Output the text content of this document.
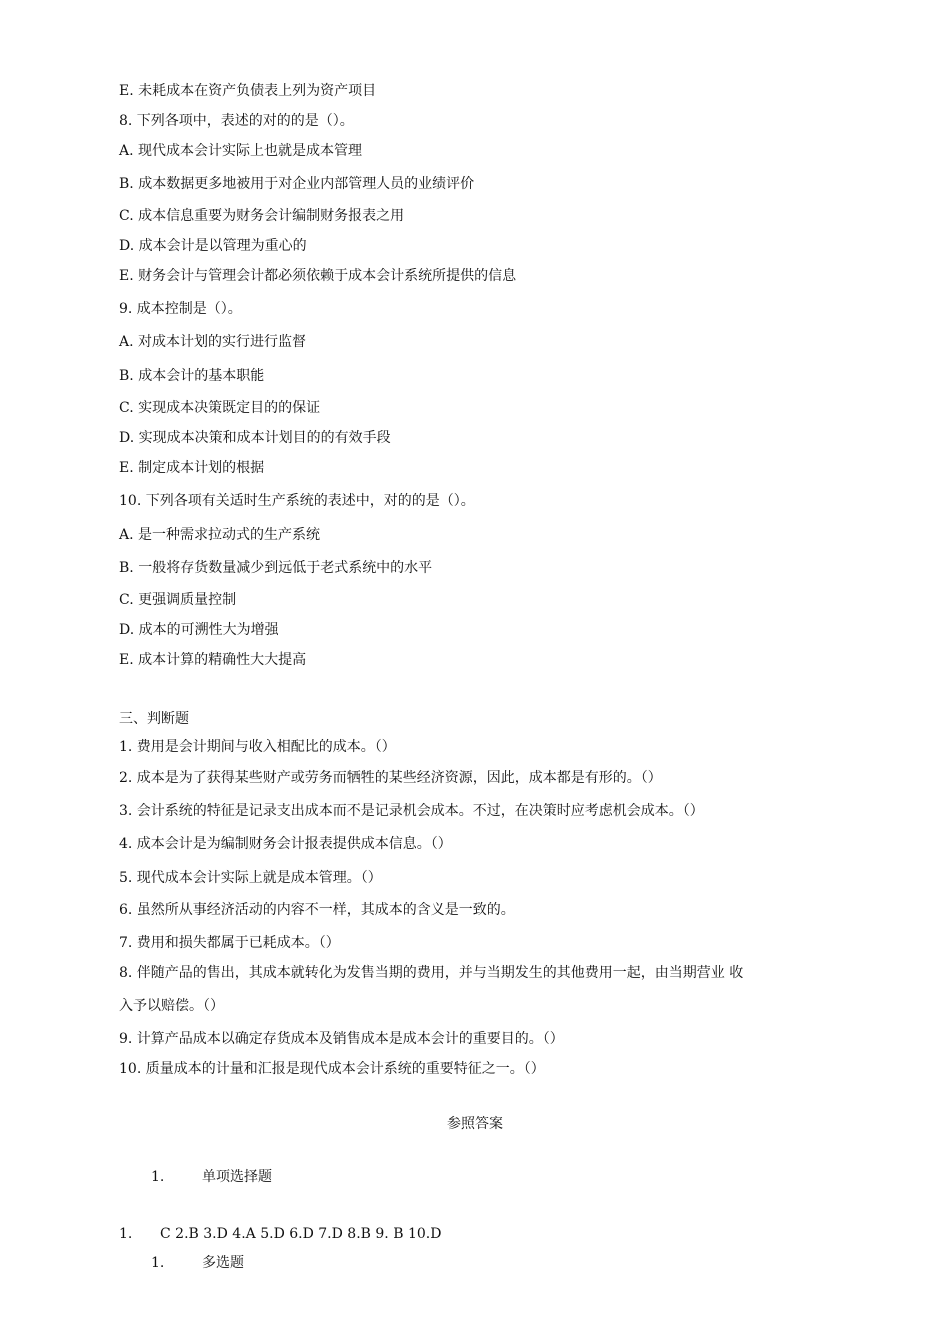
E. 未耗成本在资产负债表上列为资产项目
8. 下列各项中，表述的对的的是（）。
A. 现代成本会计实际上也就是成本管理
B. 成本数据更多地被用于对企业内部管理人员的业绩评价
C. 成本信息重要为财务会计编制财务报表之用
D. 成本会计是以管理为重心的
E. 财务会计与管理会计都必须依赖于成本会计系统所提供的信息
9. 成本控制是（）。
A. 对成本计划的实行进行监督
B. 成本会计的基本职能
C. 实现成本决策既定目的的保证
D. 实现成本决策和成本计划目的的有效手段
E. 制定成本计划的根据
10. 下列各项有关适时生产系统的表述中，对的的是（）。
A. 是一种需求拉动式的生产系统
B. 一般将存货数量减少到远低于老式系统中的水平
C. 更强调质量控制
D. 成本的可溯性大为增强
E. 成本计算的精确性大大提高
三、判断题
1. 费用是会计期间与收入相配比的成本。（）
2. 成本是为了获得某些财产或劳务而牺牲的某些经济资源，因此，成本都是有形的。（）
3. 会计系统的特征是记录支出成本而不是记录机会成本。不过，在决策时应考虑机会成本。（）
4. 成本会计是为编制财务会计报表提供成本信息。（）
5. 现代成本会计实际上就是成本管理。（）
6. 虽然所从事经济活动的内容不一样，其成本的含义是一致的。
7. 费用和损失都属于已耗成本。（）
8. 伴随产品的售出，其成本就转化为发售当期的费用，并与当期发生的其他费用一起，由当期营业 收
入予以赔偿。（）
9. 计算产品成本以确定存货成本及销售成本是成本会计的重要目的。（）
10. 质量成本的计量和汇报是现代成本会计系统的重要特征之一。（）
参照答案
1.	单项选择题
1. C 2.B 3.D 4.A 5.D 6.D 7.D 8.B 9. B 10.D
1.	多选题
